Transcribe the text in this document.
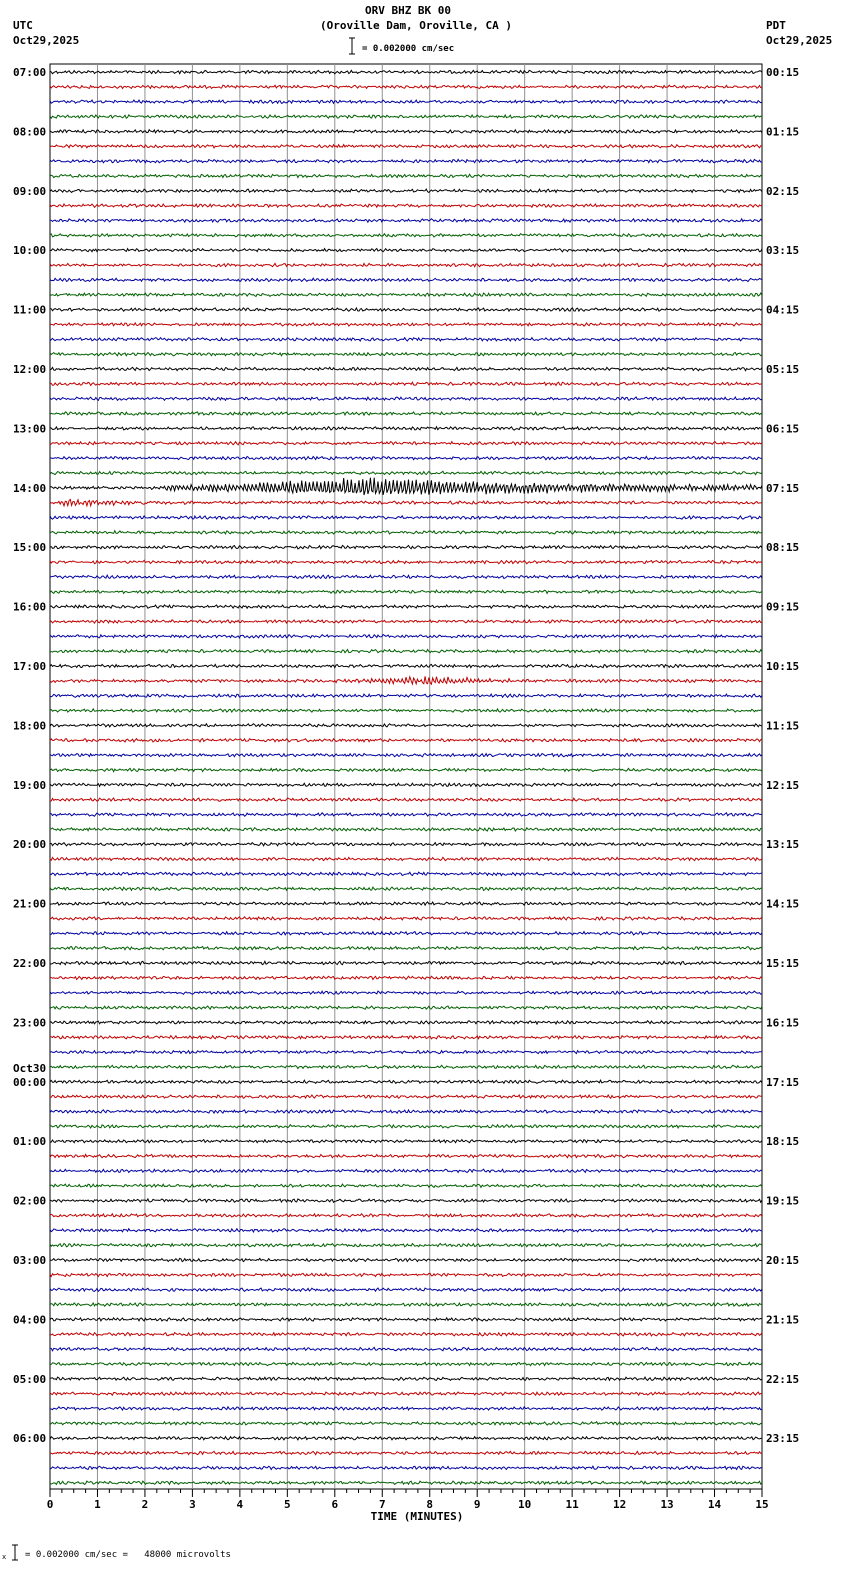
ORV BHZ BK 00
(Oroville Dam, Oroville, CA )
= 0.002000 cm/sec
UTC
Oct29,2025
PDT
Oct29,2025
0	1	2	3	4	5	6	7	8	9	10	11	12	13	14	15
07:00
08:00
09:00
10:00
11:00
12:00
13:00
14:00
15:00
16:00
17:00
18:00
19:00
20:00
21:00
22:00
23:00
00:00
01:00
02:00
03:00
04:00
05:00
06:00
Oct30
00:15
01:15
02:15
03:15
04:15
05:15
06:15
07:15
08:15
09:15
10:15
11:15
12:15
13:15
14:15
15:15
16:15
17:15
18:15
19:15
20:15
21:15
22:15
23:15
TIME (MINUTES)
x = 0.002000 cm/sec =   48000 microvolts
